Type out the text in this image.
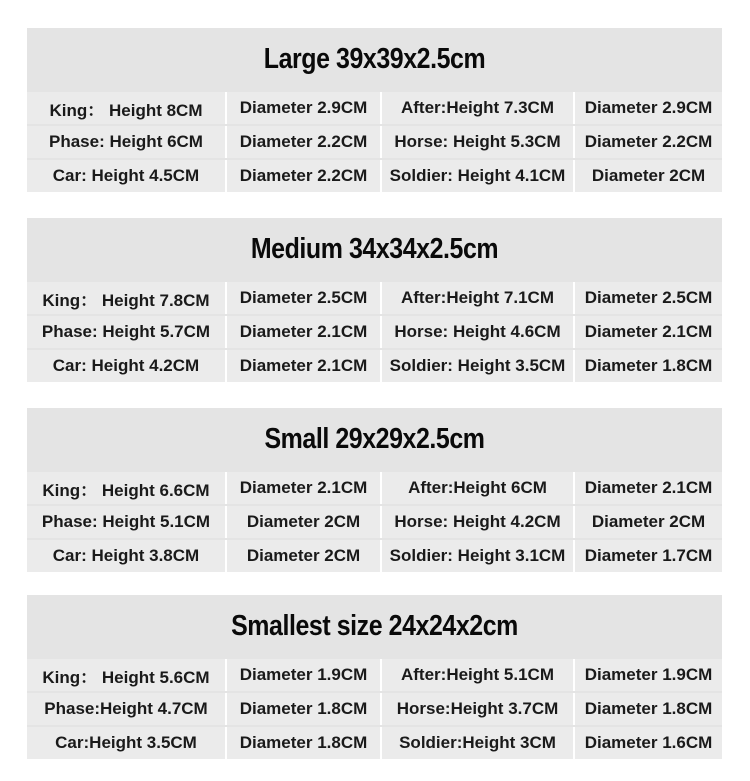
Large 39x39x2.5cm
King： Height 8CM	Diameter 2.9CM	After:Height 7.3CM	Diameter 2.9CM
Phase: Height 6CM	Diameter 2.2CM	Horse: Height 5.3CM	Diameter 2.2CM
Car: Height 4.5CM	Diameter 2.2CM	Soldier: Height 4.1CM	Diameter 2CM
Medium 34x34x2.5cm
King： Height 7.8CM	Diameter 2.5CM	After:Height 7.1CM	Diameter 2.5CM
Phase: Height 5.7CM	Diameter 2.1CM	Horse: Height 4.6CM	Diameter 2.1CM
Car: Height 4.2CM	Diameter 2.1CM	Soldier: Height 3.5CM	Diameter 1.8CM
Small 29x29x2.5cm
King： Height 6.6CM	Diameter 2.1CM	After:Height 6CM	Diameter 2.1CM
Phase: Height 5.1CM	Diameter 2CM	Horse: Height 4.2CM	Diameter 2CM
Car: Height 3.8CM	Diameter 2CM	Soldier: Height 3.1CM	Diameter 1.7CM
Smallest size 24x24x2cm
King： Height 5.6CM	Diameter 1.9CM	After:Height 5.1CM	Diameter 1.9CM
Phase:Height 4.7CM	Diameter 1.8CM	Horse:Height 3.7CM	Diameter 1.8CM
Car:Height 3.5CM	Diameter 1.8CM	Soldier:Height 3CM	Diameter 1.6CM
